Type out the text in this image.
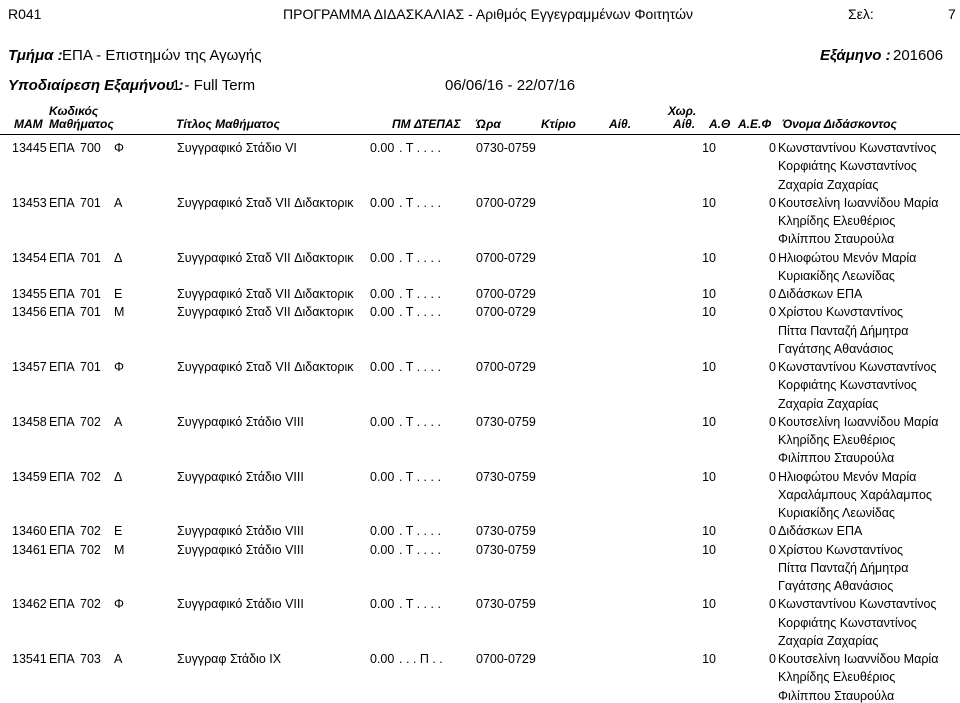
R041	ΠΡΟΓΡΑΜΜΑ ΔΙΔΑΣΚΑΛΙΑΣ - Αριθμός Εγγεγραμμένων Φοιτητών	Σελ:	7
Τμήμα : ΕΠΑ - Επιστημών της Αγωγής	Εξάμηνο : 201606
Υποδιαίρεση Εξαμήνου :
1 - Full Term	06/06/16 - 22/07/16
ΜΑΜ
Κωδικός
Μαθήματος	Τίτλος Μαθήματος	ΠΜ ΔΤΕΠΑΣ Ώρα	Κτίριο	Αίθ.
Χωρ.
Αίθ. Α.Θ Α.Ε.Φ Όνομα Διδάσκοντος
13445 ΕΠΑ 700 Φ	Συγγραφικό Στάδιο VI	0.00 . Τ . . . .	0730-0759	10	0 Κωνσταντίνου Κωνσταντίνος
Κορφιάτης Κωνσταντίνος
Ζαχαρία Ζαχαρίας
13453 ΕΠΑ 701 Α	Συγγραφικό Σταδ VII Διδακτορικ 0.00 . Τ . . . .	0700-0729	10	0 Κουτσελίνη Ιωαννίδου Μαρία
Κληρίδης Ελευθέριος
Φιλίππου Σταυρούλα
13454 ΕΠΑ 701 Δ	Συγγραφικό Σταδ VII Διδακτορικ 0.00 . Τ . . . .	0700-0729	10	0 Ηλιοφώτου Μενόν Μαρία
Κυριακίδης Λεωνίδας
13455 ΕΠΑ 701 Ε	Συγγραφικό Σταδ VII Διδακτορικ 0.00 . Τ . . . .	0700-0729	10	0 Διδάσκων ΕΠΑ
13456 ΕΠΑ 701 Μ	Συγγραφικό Σταδ VII Διδακτορικ 0.00 . Τ . . . .	0700-0729	10	0 Χρίστου Κωνσταντίνος
Πίττα Πανταζή Δήμητρα
Γαγάτσης Αθανάσιος
13457 ΕΠΑ 701 Φ	Συγγραφικό Σταδ VII Διδακτορικ 0.00 . Τ . . . .	0700-0729	10	0 Κωνσταντίνου Κωνσταντίνος
Κορφιάτης Κωνσταντίνος
Ζαχαρία Ζαχαρίας
13458 ΕΠΑ 702 Α	Συγγραφικό Στάδιο VIII	0.00 . Τ . . . .	0730-0759	10	0 Κουτσελίνη Ιωαννίδου Μαρία
Κληρίδης Ελευθέριος
Φιλίππου Σταυρούλα
13459 ΕΠΑ 702 Δ	Συγγραφικό Στάδιο VIII	0.00 . Τ . . . .	0730-0759	10	0 Ηλιοφώτου Μενόν Μαρία
Χαραλάμπους Χαράλαμπος
Κυριακίδης Λεωνίδας
13460 ΕΠΑ 702 Ε	Συγγραφικό Στάδιο VIII	0.00 . Τ . . . .	0730-0759	10	0 Διδάσκων ΕΠΑ
13461 ΕΠΑ 702 Μ	Συγγραφικό Στάδιο VIII	0.00 . Τ . . . .	0730-0759	10	0 Χρίστου Κωνσταντίνος
Πίττα Πανταζή Δήμητρα
Γαγάτσης Αθανάσιος
13462 ΕΠΑ 702 Φ	Συγγραφικό Στάδιο VIII	0.00 . Τ . . . .	0730-0759	10	0 Κωνσταντίνου Κωνσταντίνος
Κορφιάτης Κωνσταντίνος
Ζαχαρία Ζαχαρίας
13541 ΕΠΑ 703 Α	Συγγραφ Στάδιο IX	0.00 . . . Π . .	0700-0729	10	0 Κουτσελίνη Ιωαννίδου Μαρία
Κληρίδης Ελευθέριος
Φιλίππου Σταυρούλα
